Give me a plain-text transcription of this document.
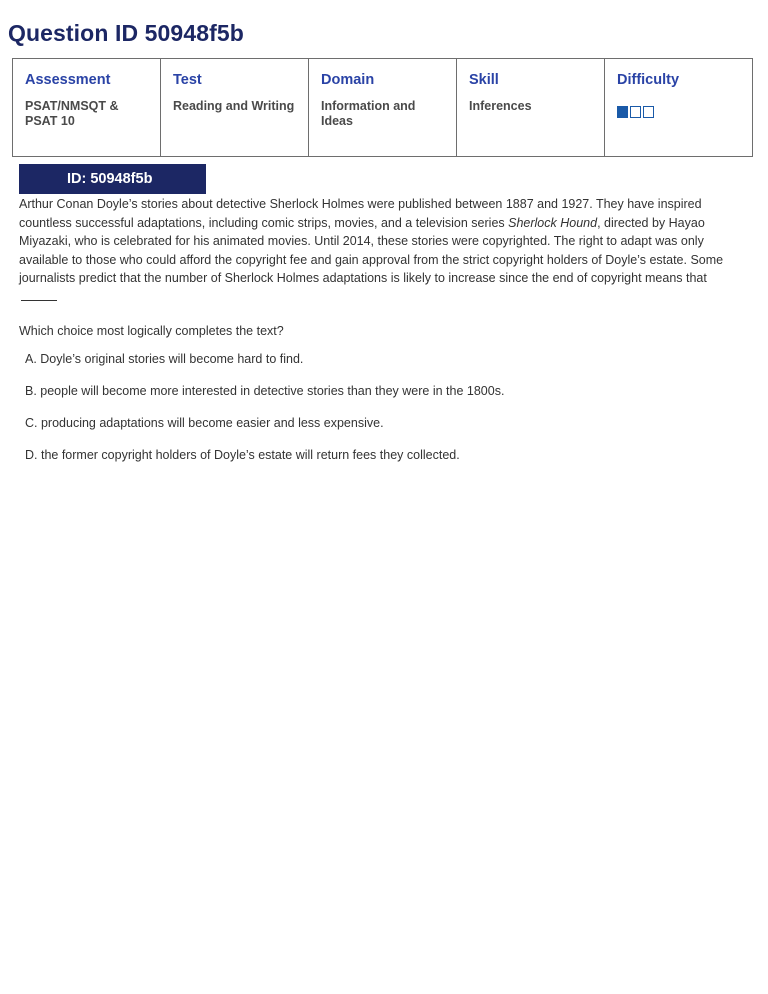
Question ID 50948f5b
Assessment	Test	Domain	Skill	Difficulty

PSAT/NMSQT &
PSAT 10	Reading and Writing	Information and
Ideas	Inferences	

ID: 50948f5b

Arthur Conan Doyle’s stories about detective Sherlock Holmes were published between 1887 and 1927. They have inspired countless successful adaptations, including comic strips, movies, and a television series Sherlock Hound, directed by Hayao Miyazaki, who is celebrated for his animated movies. Until 2014, these stories were copyrighted. The right to adapt was only available to those who could afford the copyright fee and gain approval from the strict copyright holders of Doyle’s estate. Some journalists predict that the number of Sherlock Holmes adaptations is likely to increase since the end of copyright means that

Which choice most logically completes the text?

A. Doyle’s original stories will become hard to find.

B. people will become more interested in detective stories than they were in the 1800s.

C. producing adaptations will become easier and less expensive.

D. the former copyright holders of Doyle’s estate will return fees they collected.
